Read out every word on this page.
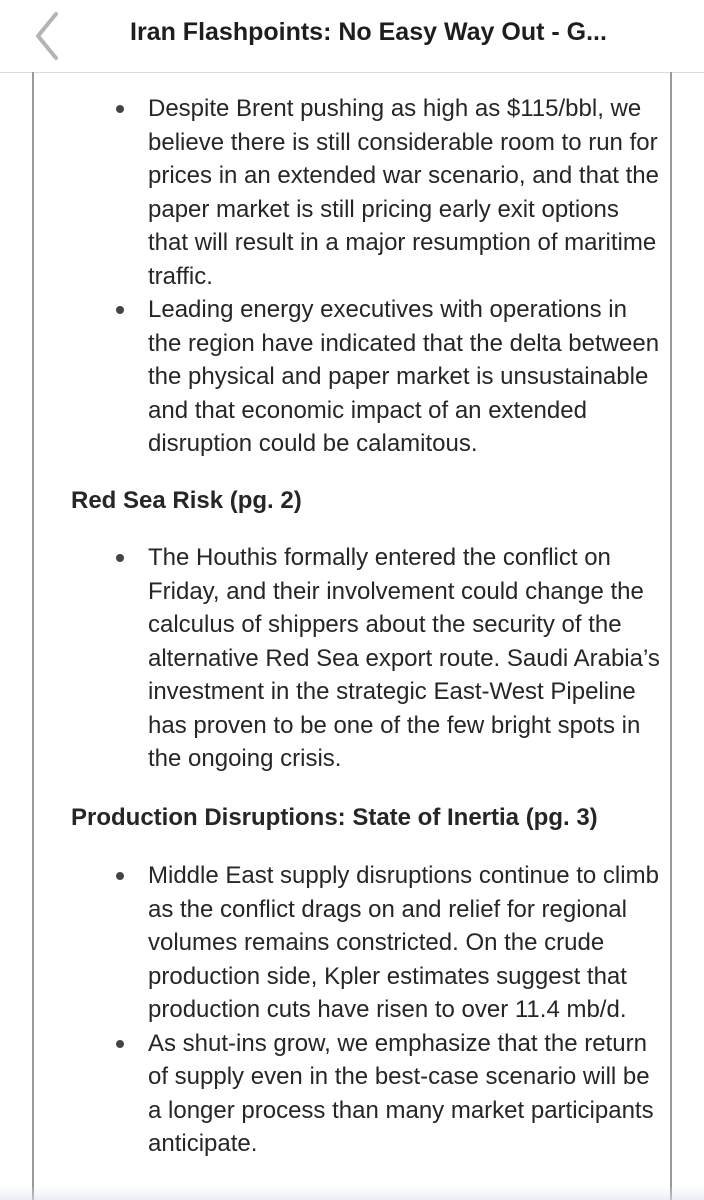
Iran Flashpoints: No Easy Way Out - G...
Despite Brent pushing as high as $115/bbl, we believe there is still considerable room to run for prices in an extended war scenario, and that the paper market is still pricing early exit options that will result in a major resumption of maritime traffic.
Leading energy executives with operations in the region have indicated that the delta between the physical and paper market is unsustainable and that economic impact of an extended disruption could be calamitous.
Red Sea Risk (pg. 2)
The Houthis formally entered the conflict on Friday, and their involvement could change the calculus of shippers about the security of the alternative Red Sea export route. Saudi Arabia’s investment in the strategic East-West Pipeline has proven to be one of the few bright spots in the ongoing crisis.
Production Disruptions: State of Inertia (pg. 3)
Middle East supply disruptions continue to climb as the conflict drags on and relief for regional volumes remains constricted. On the crude production side, Kpler estimates suggest that production cuts have risen to over 11.4 mb/d.
As shut-ins grow, we emphasize that the return of supply even in the best-case scenario will be a longer process than many market participants anticipate.
